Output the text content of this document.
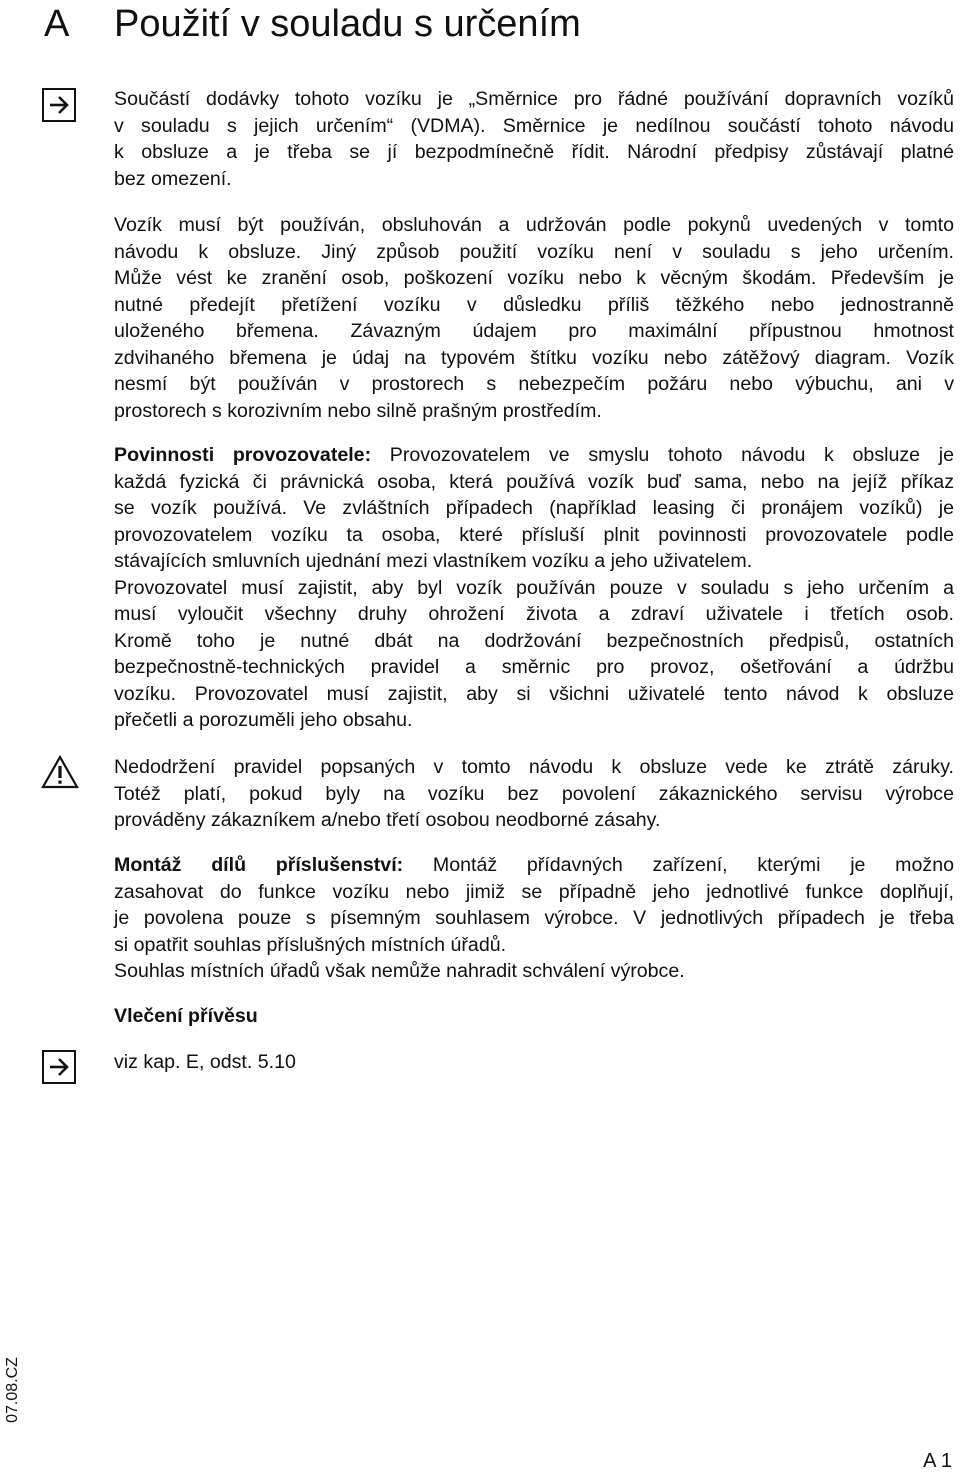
A Použití v souladu s určením
Součástí dodávky tohoto vozíku je „Směrnice pro řádné používání dopravních vozíků
v souladu s jejich určením“ (VDMA). Směrnice je nedílnou součástí tohoto návodu
k obsluze a je třeba se jí bezpodmínečně řídit. Národní předpisy zůstávají platné
bez omezení.
Vozík musí být používán, obsluhován a udržován podle pokynů uvedených v tomto
návodu k obsluze. Jiný způsob použití vozíku není v souladu s jeho určením.
Může vést ke zranění osob, poškození vozíku nebo k věcným škodám. Především je
nutné předejít přetížení vozíku v důsledku příliš těžkého nebo jednostranně
uloženého břemena. Závazným údajem pro maximální přípustnou hmotnost
zdvihaného břemena je údaj na typovém štítku vozíku nebo zátěžový diagram. Vozík
nesmí být používán v prostorech s nebezpečím požáru nebo výbuchu, ani v
prostorech s korozivním nebo silně prašným prostředím.
Povinnosti provozovatele: Provozovatelem ve smyslu tohoto návodu k obsluze je
každá fyzická či právnická osoba, která používá vozík buď sama, nebo na jejíž příkaz
se vozík používá. Ve zvláštních případech (například leasing či pronájem vozíků) je
provozovatelem vozíku ta osoba, které přísluší plnit povinnosti provozovatele podle
stávajících smluvních ujednání mezi vlastníkem vozíku a jeho uživatelem.
Provozovatel musí zajistit, aby byl vozík používán pouze v souladu s jeho určením a
musí vyloučit všechny druhy ohrožení života a zdraví uživatele i třetích osob.
Kromě toho je nutné dbát na dodržování bezpečnostních předpisů, ostatních
bezpečnostně-technických pravidel a směrnic pro provoz, ošetřování a údržbu
vozíku. Provozovatel musí zajistit, aby si všichni uživatelé tento návod k obsluze
přečetli a porozuměli jeho obsahu.
Nedodržení pravidel popsaných v tomto návodu k obsluze vede ke ztrátě záruky.
Totéž platí, pokud byly na vozíku bez povolení zákaznického servisu výrobce
prováděny zákazníkem a/nebo třetí osobou neodborné zásahy.
Montáž dílů příslušenství: Montáž přídavných zařízení, kterými je možno
zasahovat do funkce vozíku nebo jimiž se případně jeho jednotlivé funkce doplňují,
je povolena pouze s písemným souhlasem výrobce. V jednotlivých případech je třeba
si opatřit souhlas příslušných místních úřadů.
Souhlas místních úřadů však nemůže nahradit schválení výrobce.
Vlečení přívěsu
viz kap. E, odst. 5.10
07.08.CZ
A 1
